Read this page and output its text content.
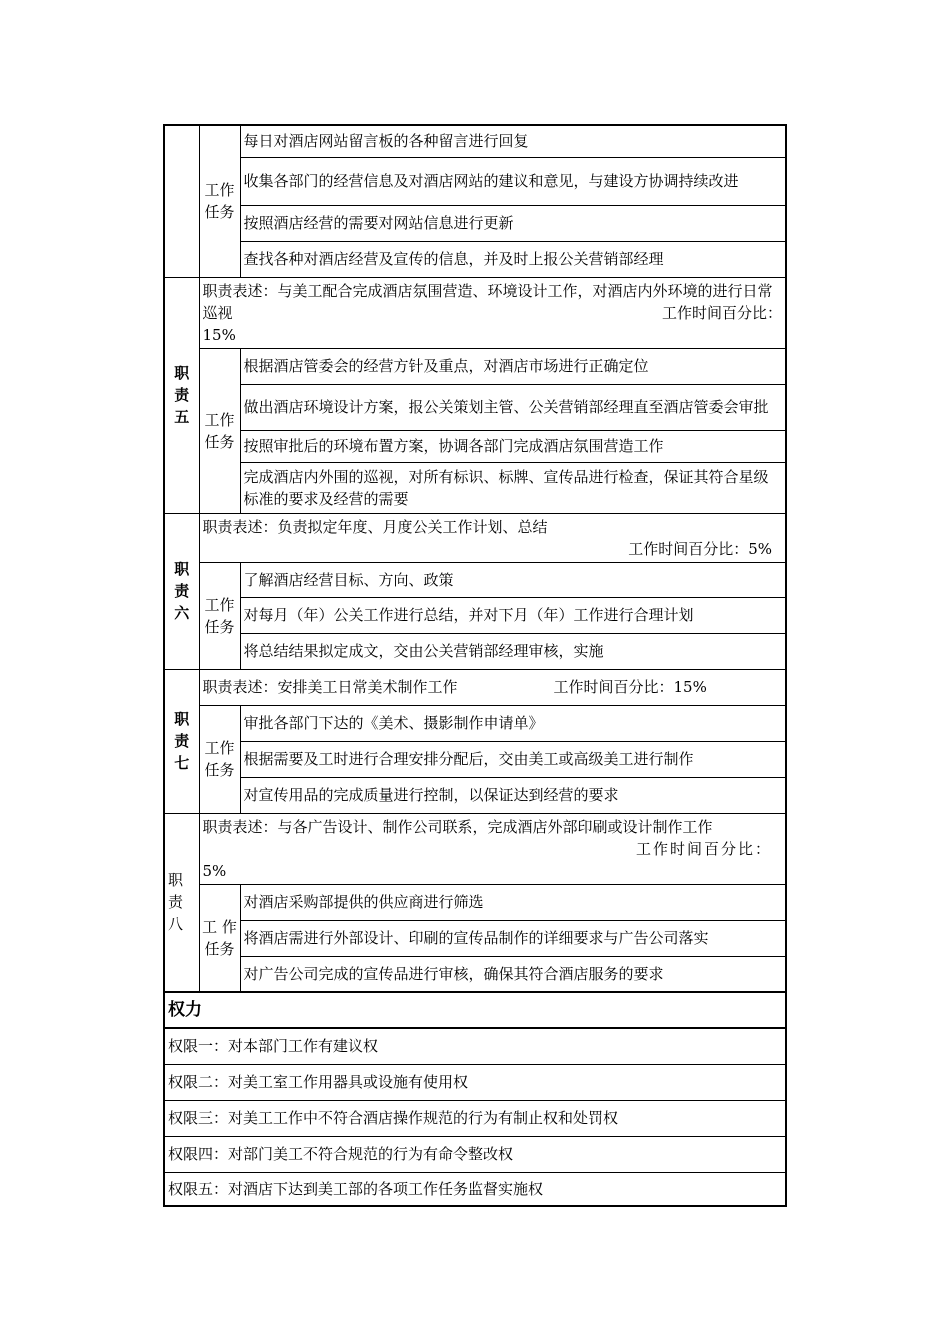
	工作
任务	每日对酒店网站留言板的各种留言进行回复
		收集各部门的经营信息及对酒店网站的建议和意见，与建设方协调持续改进
		按照酒店经营的需要对网站信息进行更新
		查找各种对酒店经营及宣传的信息，并及时上报公关营销部经理

职
责
五	职责表述：与美工配合完成酒店氛围营造、环境设计工作，对酒店内外环境的进行日常巡视 工作时间百分比：
15%	

	工作
任务	根据酒店管委会的经营方针及重点，对酒店市场进行正确定位
		做出酒店环境设计方案，报公关策划主管、公关营销部经理直至酒店管委会审批
		按照审批后的环境布置方案，协调各部门完成酒店氛围营造工作
		完成酒店内外围的巡视，对所有标识、标牌、宣传品进行检查，保证其符合星级标准的要求及经营的需要

职
责
六	职责表述：负责拟定年度、月度公关工作计划、总结
工作时间百分比：5%	

	工作
任务	了解酒店经营目标、方向、政策
		对每月（年）公关工作进行总结，并对下月（年）工作进行合理计划
		将总结结果拟定成文，交由公关营销部经理审核，实施

职
责
七	职责表述：安排美工日常美术制作工作 工作时间百分比：15%	

	工作
任务	审批各部门下达的《美术、摄影制作申请单》
		根据需要及工时进行合理安排分配后，交由美工或高级美工进行制作
		对宣传用品的完成质量进行控制，以保证达到经营的要求

职
责
八	职责表述：与各广告设计、制作公司联系，完成酒店外部印刷或设计制作工作
工作时间百分比：
5%	

	工 作
任务	对酒店采购部提供的供应商进行筛选
		将酒店需进行外部设计、印刷的宣传品制作的详细要求与广告公司落实
		对广告公司完成的宣传品进行审核，确保其符合酒店服务的要求
权力		
权限一：对本部门工作有建议权		
权限二：对美工室工作用器具或设施有使用权		
权限三：对美工工作中不符合酒店操作规范的行为有制止权和处罚权		
权限四：对部门美工不符合规范的行为有命令整改权		
权限五：对酒店下达到美工部的各项工作任务监督实施权		
